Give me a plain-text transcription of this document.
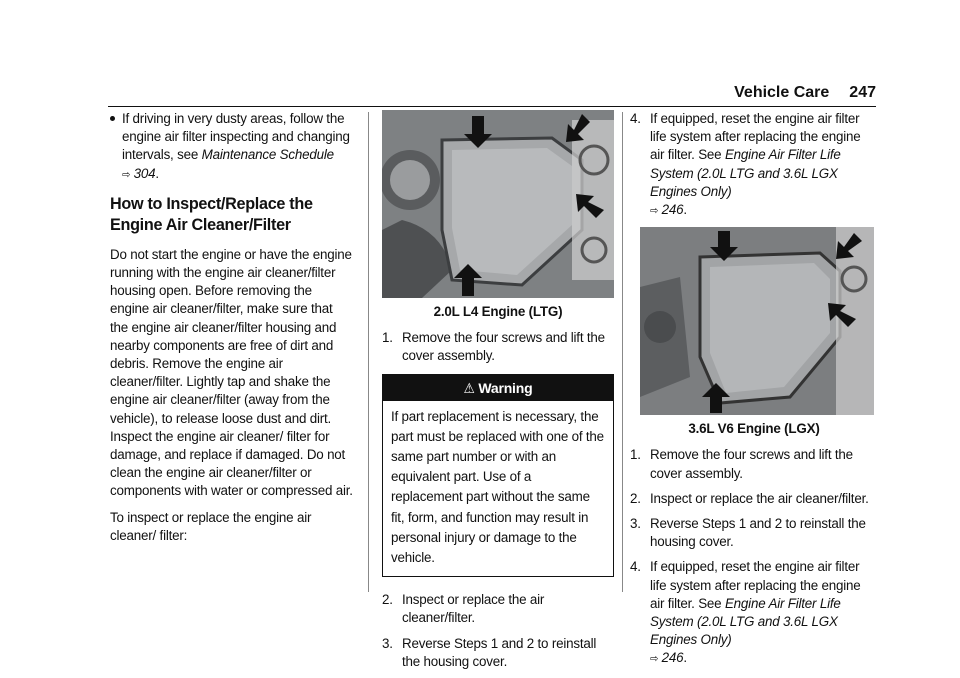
Vehicle Care 247
If driving in very dusty areas, follow the engine air filter inspecting and changing intervals, see Maintenance Schedule
⇨ 304.
How to Inspect/Replace the Engine Air Cleaner/Filter

Do not start the engine or have the engine running with the engine air cleaner/filter housing open. Before removing the engine air cleaner/filter, make sure that the engine air cleaner/filter housing and nearby components are free of dirt and debris. Remove the engine air cleaner/filter. Lightly tap and shake the engine air cleaner/filter (away from the vehicle), to release loose dust and dirt. Inspect the engine air cleaner/ filter for damage, and replace if damaged. Do not clean the engine air cleaner/filter or components with water or compressed air.

To inspect or replace the engine air cleaner/ filter:

2.0L L4 Engine (LTG)
1. Remove the four screws and lift the cover assembly.
⚠ Warning
If part replacement is necessary, the part must be replaced with one of the same part number or with an equivalent part. Use of a replacement part without the same fit, form, and function may result in personal injury or damage to the vehicle.
2. Inspect or replace the air cleaner/filter.
3. Reverse Steps 1 and 2 to reinstall the housing cover.
4. If equipped, reset the engine air filter life system after replacing the engine air filter. See Engine Air Filter Life System (2.0L LTG and 3.6L LGX Engines Only)
⇨ 246.
3.6L V6 Engine (LGX)
1. Remove the four screws and lift the cover assembly.
2. Inspect or replace the air cleaner/filter.
3. Reverse Steps 1 and 2 to reinstall the housing cover.
4. If equipped, reset the engine air filter life system after replacing the engine air filter. See Engine Air Filter Life System (2.0L LTG and 3.6L LGX Engines Only)
⇨ 246.
